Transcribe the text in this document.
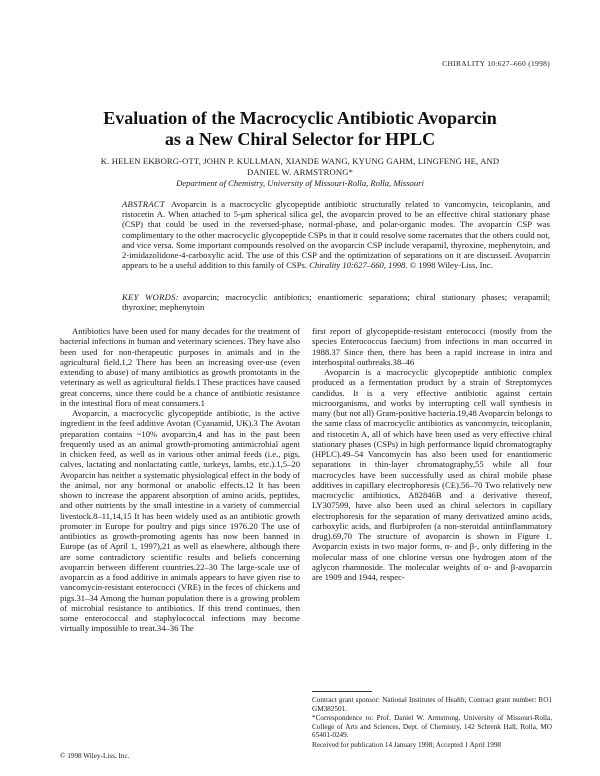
CHIRALITY 10:627–660 (1998)
Evaluation of the Macrocyclic Antibiotic Avoparcin
as a New Chiral Selector for HPLC
K. HELEN EKBORG-OTT, JOHN P. KULLMAN, XIANDE WANG, KYUNG GAHM, LINGFENG HE, AND
DANIEL W. ARMSTRONG*
Department of Chemistry, University of Missouri-Rolla, Rolla, Missouri
ABSTRACT Avoparcin is a macrocyclic glycopeptide antibiotic structurally related to vancomycin, teicoplanin, and ristocetin A. When attached to 5-μm spherical silica gel, the avoparcin proved to be an effective chiral stationary phase (CSP) that could be used in the reversed-phase, normal-phase, and polar-organic modes. The avoparcin CSP was complimentary to the other macrocyclic glycopeptide CSPs in that it could resolve some racemates that the others could not, and vice versa. Some important compounds resolved on the avoparcin CSP include verapamil, thyroxine, mephenytoin, and 2-imidazolidone-4-carboxylic acid. The use of this CSP and the optimization of separations on it are discussed. Avoparcin appears to be a useful addition to this family of CSPs. Chirality 10:627–660, 1998. © 1998 Wiley-Liss, Inc.
KEY WORDS: avoparcin; macrocyclic antibiotics; enantiomeric separations; chiral stationary phases; verapamil; thyroxine; mephenytoin

Antibiotics have been used for many decades for the treatment of bacterial infections in human and veterinary sciences. They have also been used for non-therapeutic purposes in animals and in the agricultural field.1,2 There has been an increasing over-use (even extending to abuse) of many antibiotics as growth promotants in the veterinary as well as agricultural fields.1 These practices have caused great concerns, since there could be a chance of antibiotic resistance in the intestinal flora of meat consumers.1

Avoparcin, a macrocyclic glycopeptide antibiotic, is the active ingredient in the feed additive Avotan (Cyanamid, UK).3 The Avotan preparation contains ~10% avoparcin,4 and has in the past been frequently used as an animal growth-promoting antimicrobial agent in chicken feed, as well as in various other animal feeds (i.e., pigs, calves, lactating and nonlactating cattle, turkeys, lambs, etc.).1,5–20 Avoparcin has neither a systematic physiological effect in the body of the animal, nor any hormonal or anabolic effects.12 It has been shown to increase the apparent absorption of amino acids, peptides, and other nutrients by the small intestine in a variety of commercial livestock.8–11,14,15 It has been widely used as an antibiotic growth promoter in Europe for poultry and pigs since 1976.20 The use of antibiotics as growth-promoting agents has now been banned in Europe (as of April 1, 1997),21 as well as elsewhere, although there are some contradictory scientific results and beliefs concerning avoparcin between different countries.22–30 The large-scale use of avoparcin as a food additive in animals appears to have given rise to vancomycin-resistant enterococci (VRE) in the feces of chickens and pigs.31–34 Among the human population there is a growing problem of microbial resistance to antibiotics. If this trend continues, then some enterococcal and staphylococcal infections may become virtually impossible to treat.34–36 The

first report of glycopeptide-resistant enterococci (mostly from the species Enterococcus faecium) from infections in man occurred in 1988.37 Since then, there has been a rapid increase in intra and interhospital outbreaks.38–46

Avoparcin is a macrocyclic glycopeptide antibiotic complex produced as a fermentation product by a strain of Streptomyces candidus. It is a very effective antibiotic against certain microorganisms, and works by interrupting cell wall synthesis in many (but not all) Gram-positive bacteria.19,48 Avoparcin belongs to the same class of macrocyclic antibiotics as vancomycin, teicoplanin, and ristocetin A, all of which have been used as very effective chiral stationary phases (CSPs) in high performance liquid chromatography (HPLC).49–54 Vancomycin has also been used for enantiomeric separations in thin-layer chromatography,55 while all four macrocycles have been successfully used as chiral mobile phase additives in capillary electrophoresis (CE).56–70 Two relatively new macrocyclic antibiotics, A82846B and a derivative thereof, LY307599, have also been used as chiral selectors in capillary electrophoresis for the separation of many derivatized amino acids, carboxylic acids, and flurbiprofen (a non-steroidal antiinflammatory drug).69,70 The structure of avoparcin is shown in Figure 1. Avoparcin exists in two major forms, α- and β-, only differing in the molecular mass of one chlorine versus one hydrogen atom of the aglycon rhamnoside. The molecular weights of α- and β-avoparcin are 1909 and 1944, respec-

Contract grant sponsor: National Institutes of Health; Contract grant number: RO1 GM382501.

*Correspondence to: Prof. Daniel W. Armstrong, University of Missouri-Rolla, College of Arts and Sciences, Dept. of Chemistry, 142 Schrenk Hall, Rolla, MO 65401-0249.

Received for publication 14 January 1998; Accepted 1 April 1998

© 1998 Wiley-Liss, Inc.
